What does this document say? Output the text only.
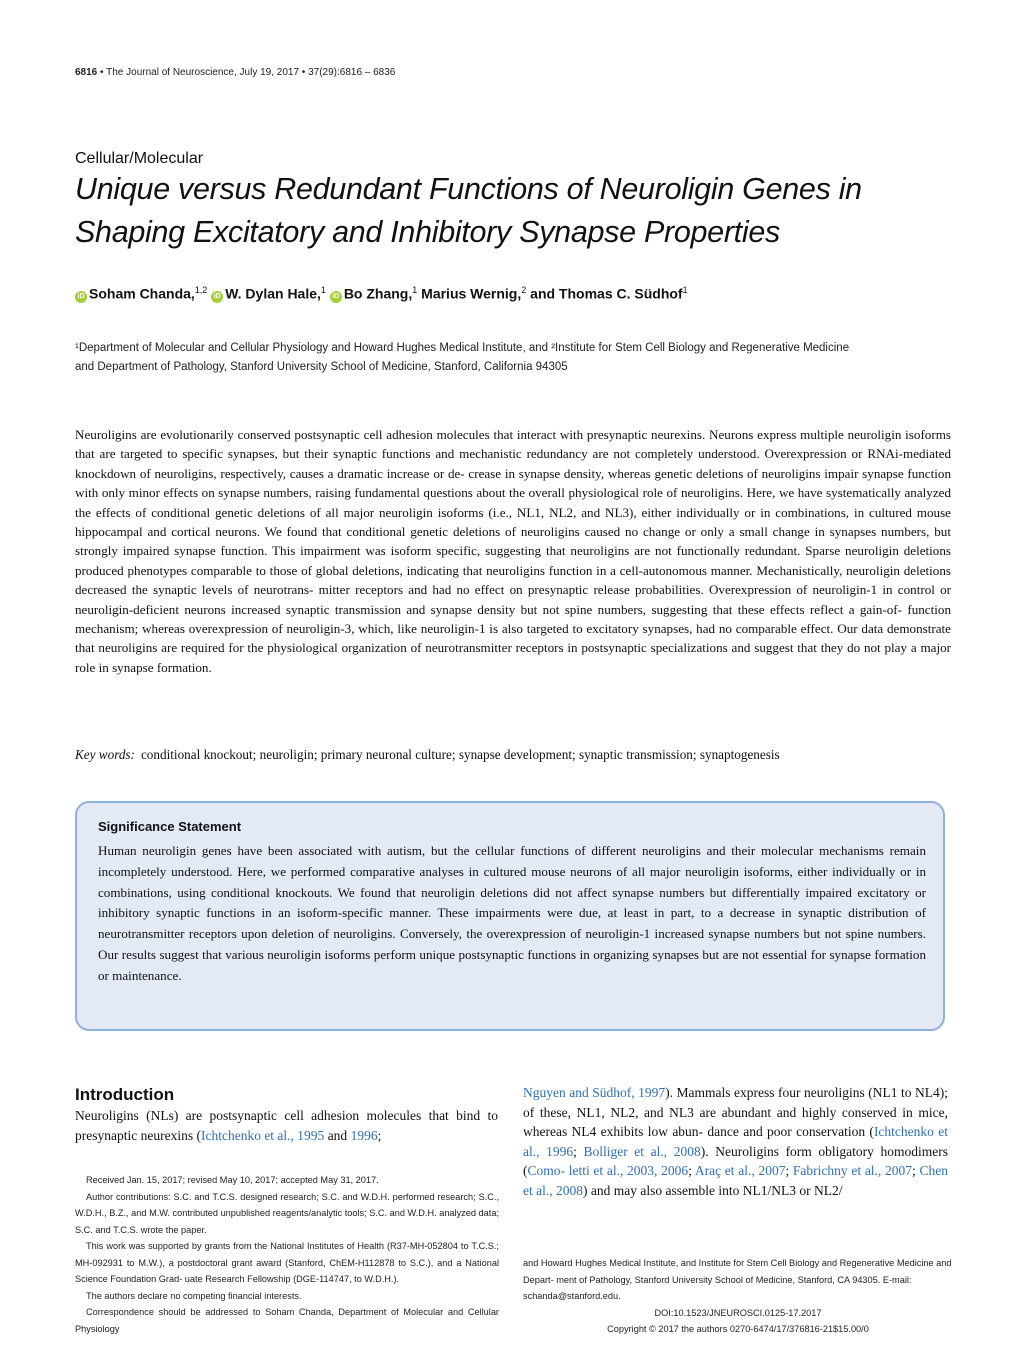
6816 • The Journal of Neuroscience, July 19, 2017 • 37(29):6816 – 6836
Cellular/Molecular
Unique versus Redundant Functions of Neuroligin Genes in
Shaping Excitatory and Inhibitory Synapse Properties
iD Soham Chanda,$^{1,2}$ iD W. Dylan Hale,$^1$ iD Bo Zhang,$^1$ Marius Wernig,$^2$ and Thomas C. Südhof$^1$
¹Department of Molecular and Cellular Physiology and Howard Hughes Medical Institute, and ²Institute for Stem Cell Biology and Regenerative Medicine
and Department of Pathology, Stanford University School of Medicine, Stanford, California 94305
Neuroligins are evolutionarily conserved postsynaptic cell adhesion molecules that interact with presynaptic neurexins. Neurons express multiple neuroligin isoforms that are targeted to specific synapses, but their synaptic functions and mechanistic redundancy are not completely understood. Overexpression or RNAi-mediated knockdown of neuroligins, respectively, causes a dramatic increase or de- crease in synapse density, whereas genetic deletions of neuroligins impair synapse function with only minor effects on synapse numbers, raising fundamental questions about the overall physiological role of neuroligins. Here, we have systematically analyzed the effects of conditional genetic deletions of all major neuroligin isoforms (i.e., NL1, NL2, and NL3), either individually or in combinations, in cultured mouse hippocampal and cortical neurons. We found that conditional genetic deletions of neuroligins caused no change or only a small change in synapses numbers, but strongly impaired synapse function. This impairment was isoform specific, suggesting that neuroligins are not functionally redundant. Sparse neuroligin deletions produced phenotypes comparable to those of global deletions, indicating that neuroligins function in a cell-autonomous manner. Mechanistically, neuroligin deletions decreased the synaptic levels of neurotrans- mitter receptors and had no effect on presynaptic release probabilities. Overexpression of neuroligin-1 in control or neuroligin-deficient neurons increased synaptic transmission and synapse density but not spine numbers, suggesting that these effects reflect a gain-of- function mechanism; whereas overexpression of neuroligin-3, which, like neuroligin-1 is also targeted to excitatory synapses, had no comparable effect. Our data demonstrate that neuroligins are required for the physiological organization of neurotransmitter receptors in postsynaptic specializations and suggest that they do not play a major role in synapse formation.
Key words: conditional knockout; neuroligin; primary neuronal culture; synapse development; synaptic transmission; synaptogenesis
Significance Statement
Human neuroligin genes have been associated with autism, but the cellular functions of different neuroligins and their molecular mechanisms remain incompletely understood. Here, we performed comparative analyses in cultured mouse neurons of all major neuroligin isoforms, either individually or in combinations, using conditional knockouts. We found that neuroligin deletions did not affect synapse numbers but differentially impaired excitatory or inhibitory synaptic functions in an isoform-specific manner. These impairments were due, at least in part, to a decrease in synaptic distribution of neurotransmitter receptors upon deletion of neuroligins. Conversely, the overexpression of neuroligin-1 increased synapse numbers but not spine numbers. Our results suggest that various neuroligin isoforms perform unique postsynaptic functions in organizing synapses but are not essential for synapse formation or maintenance.
Introduction
Neuroligins (NLs) are postsynaptic cell adhesion molecules that bind to presynaptic neurexins (Ichtchenko et al., 1995 and 1996;
Nguyen and Südhof, 1997). Mammals express four neuroligins (NL1 to NL4); of these, NL1, NL2, and NL3 are abundant and highly conserved in mice, whereas NL4 exhibits low abun- dance and poor conservation (Ichtchenko et al., 1996; Bolliger et al., 2008). Neuroligins form obligatory homodimers (Como- letti et al., 2003, 2006; Araç et al., 2007; Fabrichny et al., 2007; Chen et al., 2008) and may also assemble into NL1/NL3 or NL2/

Received Jan. 15, 2017; revised May 10, 2017; accepted May 31, 2017.

Author contributions: S.C. and T.C.S. designed research; S.C. and W.D.H. performed research; S.C., W.D.H., B.Z., and M.W. contributed unpublished reagents/analytic tools; S.C. and W.D.H. analyzed data; S.C. and T.C.S. wrote the paper.

This work was supported by grants from the National Institutes of Health (R37-MH-052804 to T.C.S.; MH-092931 to M.W.), a postdoctoral grant award (Stanford, ChEM-H112878 to S.C.), and a National Science Foundation Grad- uate Research Fellowship (DGE-114747, to W.D.H.).

The authors declare no competing financial interests.

Correspondence should be addressed to Soham Chanda, Department of Molecular and Cellular Physiology

and Howard Hughes Medical Institute, and Institute for Stem Cell Biology and Regenerative Medicine and Depart- ment of Pathology, Stanford University School of Medicine, Stanford, CA 94305. E-mail: schanda@stanford.edu.

DOI:10.1523/JNEUROSCI.0125-17.2017

Copyright © 2017 the authors 0270-6474/17/376816-21$15.00/0
